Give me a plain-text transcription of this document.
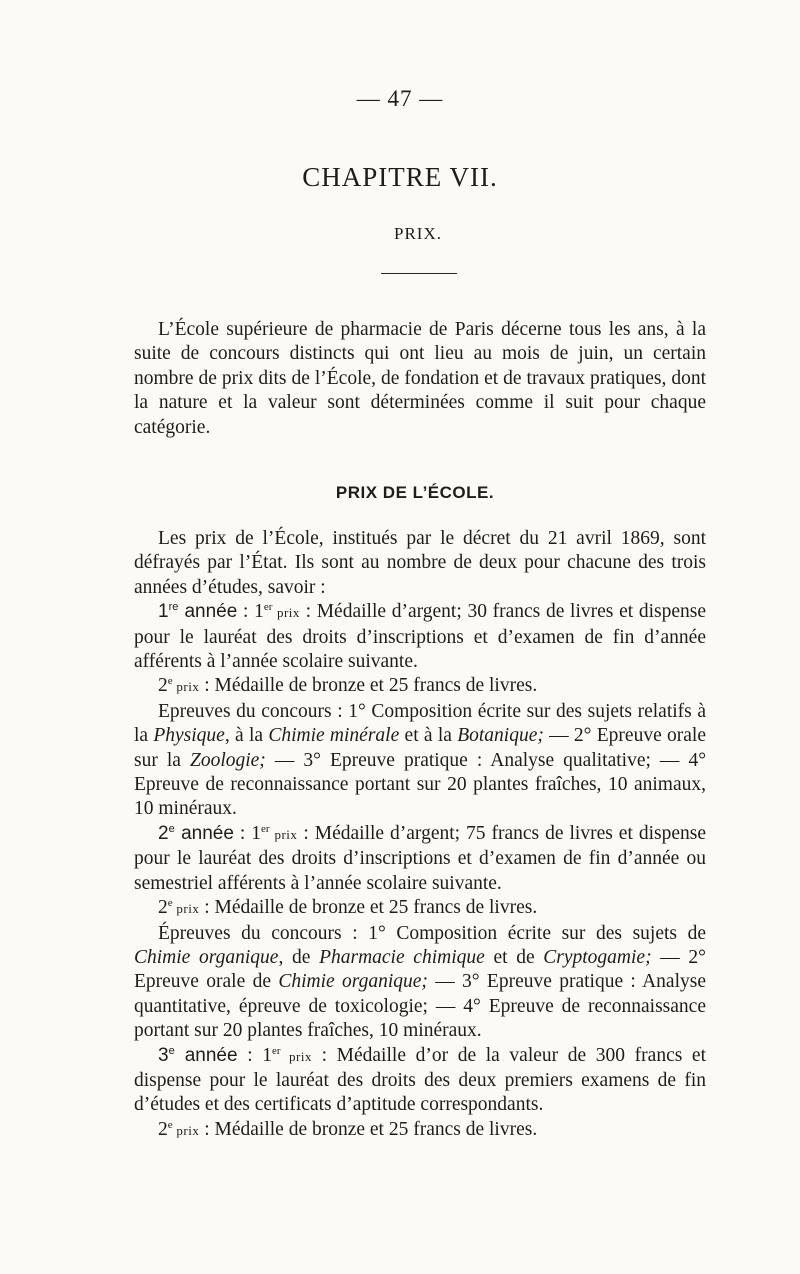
— 47 —
CHAPITRE VII.
PRIX.

L’École supérieure de pharmacie de Paris décerne tous les ans, à la suite de concours distincts qui ont lieu au mois de juin, un certain nombre de prix dits de l’École, de fondation et de travaux pratiques, dont la nature et la valeur sont déterminées comme il suit pour chaque catégorie.

PRIX DE L’ÉCOLE.

Les prix de l’École, institués par le décret du 21 avril 1869, sont défrayés par l’État. Ils sont au nombre de deux pour chacune des trois années d’études, savoir :

1re année : 1er prix : Médaille d’argent; 30 francs de livres et dispense pour le lauréat des droits d’inscriptions et d’examen de fin d’année afférents à l’année scolaire suivante.

2e prix : Médaille de bronze et 25 francs de livres.

Epreuves du concours : 1° Composition écrite sur des sujets relatifs à la Physique, à la Chimie minérale et à la Botanique; — 2° Epreuve orale sur la Zoologie; — 3° Epreuve pratique : Analyse qualitative; — 4° Epreuve de reconnaissance portant sur 20 plantes fraîches, 10 animaux, 10 minéraux.

2e année : 1er prix : Médaille d’argent; 75 francs de livres et dispense pour le lauréat des droits d’inscriptions et d’examen de fin d’année ou semestriel afférents à l’année scolaire suivante.

2e prix : Médaille de bronze et 25 francs de livres.

Épreuves du concours : 1° Composition écrite sur des sujets de Chimie organique, de Pharmacie chimique et de Cryptogamie; — 2° Epreuve orale de Chimie organique; — 3° Epreuve pratique : Analyse quantitative, épreuve de toxicologie; — 4° Epreuve de reconnaissance portant sur 20 plantes fraîches, 10 minéraux.

3e année : 1er prix : Médaille d’or de la valeur de 300 francs et dispense pour le lauréat des droits des deux premiers examens de fin d’études et des certificats d’aptitude correspondants.

2e prix : Médaille de bronze et 25 francs de livres.
